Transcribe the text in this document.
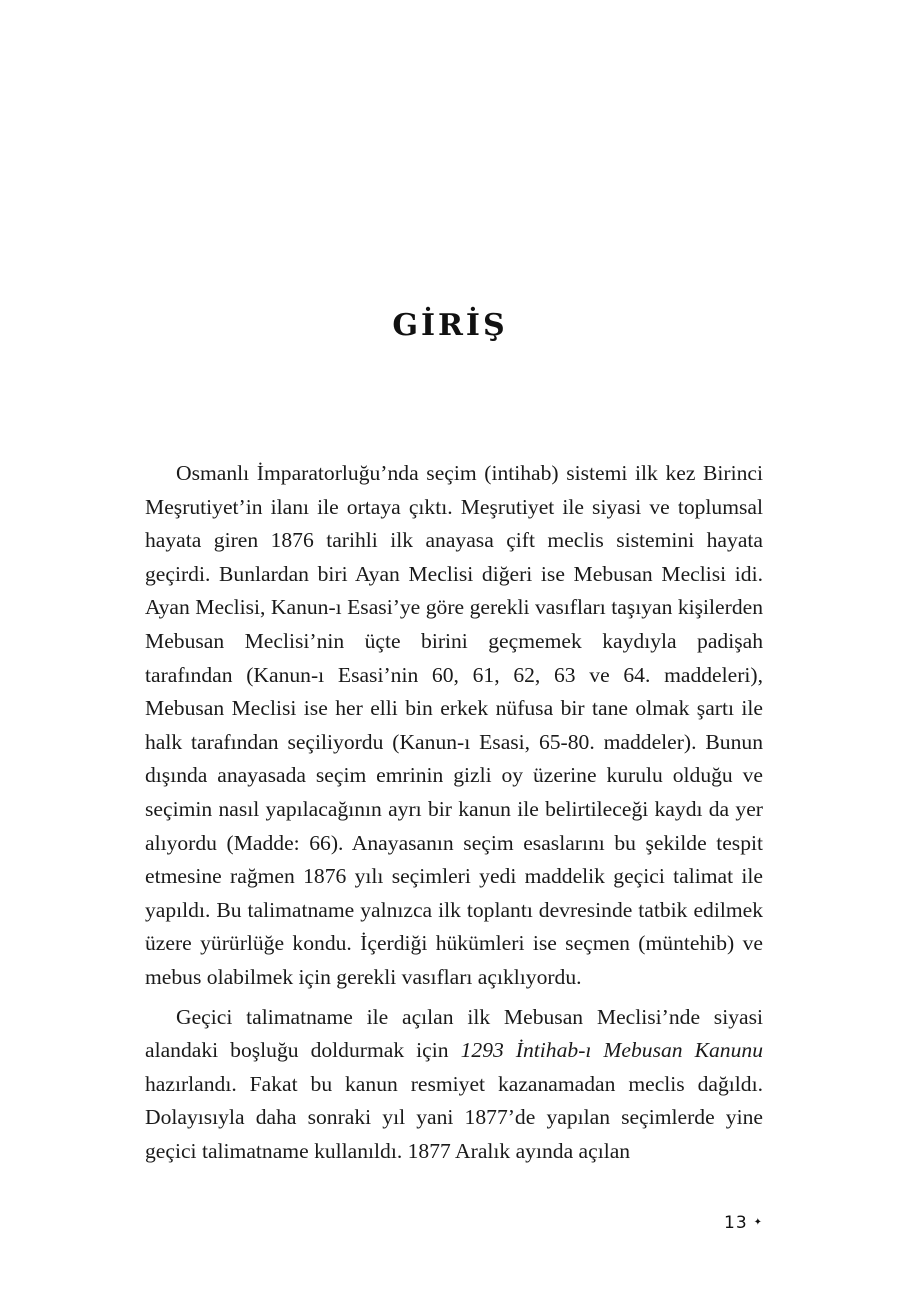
GİRİŞ

Osmanlı İmparatorluğu’nda seçim (intihab) sistemi ilk kez Birinci Meşrutiyet’in ilanı ile ortaya çıktı. Meşrutiyet ile siyasi ve toplumsal hayata giren 1876 tarihli ilk anayasa çift meclis sistemini hayata geçirdi. Bunlardan biri Ayan Meclisi diğeri ise Mebusan Meclisi idi. Ayan Meclisi, Kanun-ı Esasi’ye göre gerekli vasıfları taşıyan kişilerden Mebusan Meclisi’nin üçte birini geçmemek kaydıyla padişah tarafından (Kanun-ı Esasi’nin 60, 61, 62, 63 ve 64. maddeleri), Mebusan Meclisi ise her elli bin erkek nüfusa bir tane olmak şartı ile halk tarafından seçiliyordu (Kanun-ı Esasi, 65-80. maddeler). Bunun dışında anayasada seçim emrinin gizli oy üzerine kurulu olduğu ve seçimin nasıl yapılacağının ayrı bir kanun ile belirtileceği kaydı da yer alıyordu (Madde: 66). Anayasanın seçim esaslarını bu şekilde tespit etmesine rağmen 1876 yılı seçimleri yedi maddelik geçici talimat ile yapıldı. Bu talimatname yalnızca ilk toplantı devresinde tatbik edilmek üzere yürürlüğe kondu. İçerdiği hükümleri ise seçmen (müntehib) ve mebus olabilmek için gerekli vasıfları açıklıyordu.

Geçici talimatname ile açılan ilk Mebusan Meclisi’nde siyasi alandaki boşluğu doldurmak için 1293 İntihab-ı Mebusan Kanunu hazırlandı. Fakat bu kanun resmiyet kazanamadan meclis dağıldı. Dolayısıyla daha sonraki yıl yani 1877’de yapılan seçimlerde yine geçici talimatname kullanıldı. 1877 Aralık ayında açılan

13 ✦
